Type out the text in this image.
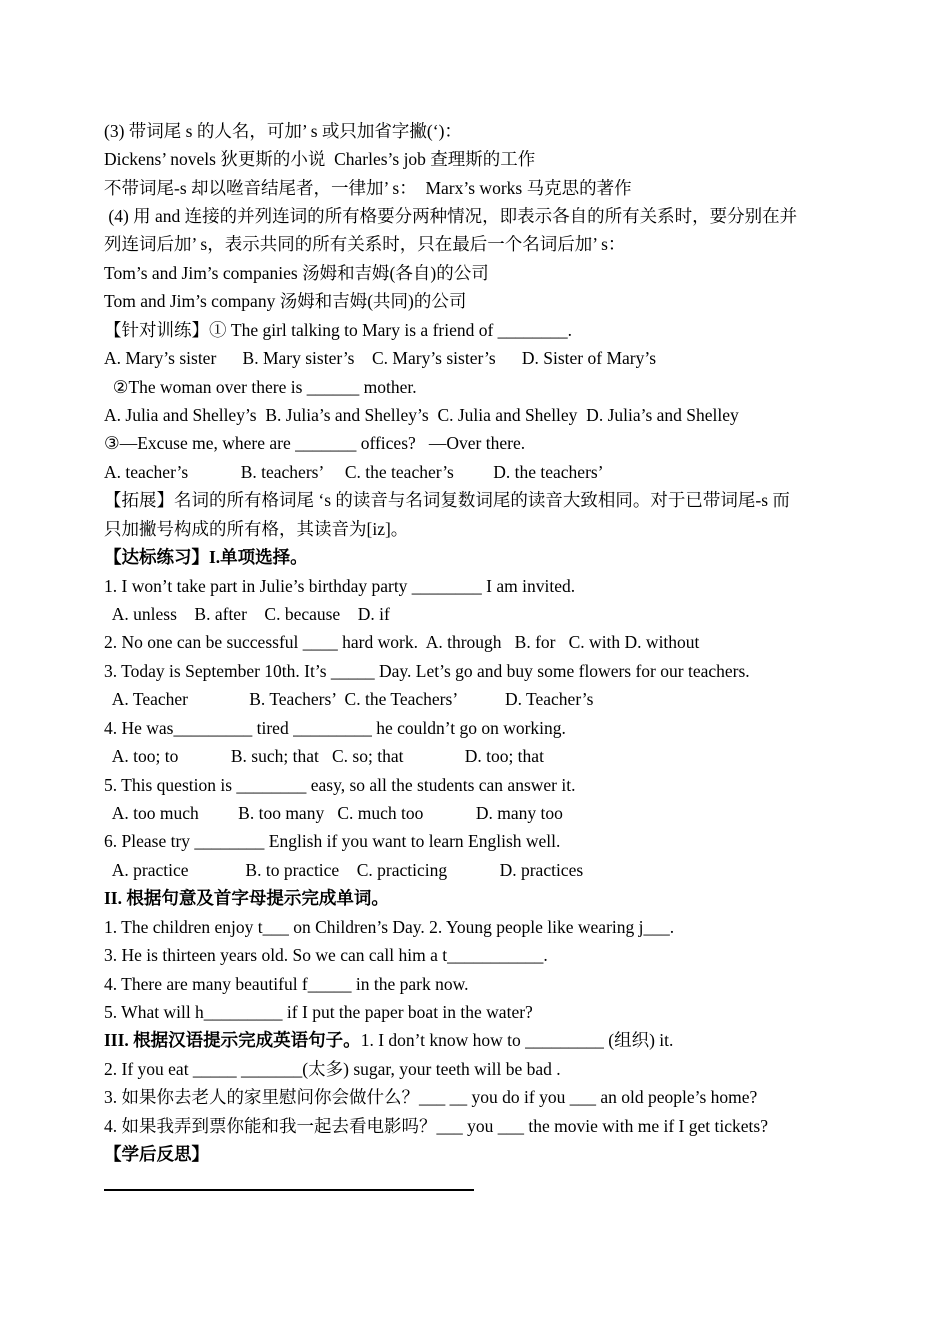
(3) 带词尾 s 的人名，可加’ s 或只加省字撇(‘)：
Dickens’ novels 狄更斯的小说  Charles’s job 查理斯的工作
不带词尾-s 却以咝音结尾者，一律加’ s：  Marx’s works 马克思的著作
(4) 用 and 连接的并列连词的所有格要分两种情况，即表示各自的所有关系时，要分别在并
列连词后加’ s，表示共同的所有关系时，只在最后一个名词后加’ s：
Tom’s and Jim’s companies 汤姆和吉姆(各自)的公司
Tom and Jim’s company 汤姆和吉姆(共同)的公司
【针对训练】① The girl talking to Mary is a friend of ________.
A. Mary’s sister      B. Mary sister’s    C. Mary’s sister’s      D. Sister of Mary’s
②The woman over there is ______ mother.
A. Julia and Shelley’s  B. Julia’s and Shelley’s  C. Julia and Shelley  D. Julia’s and Shelley
③—Excuse me, where are _______ offices?   —Over there.
A. teacher’s            B. teachers’     C. the teacher’s         D. the teachers’
【拓展】名词的所有格词尾 ‘s 的读音与名词复数词尾的读音大致相同。对于已带词尾-s 而
只加撇号构成的所有格，其读音为[iz]。
【达标练习】I.单项选择。
1. I won’t take part in Julie’s birthday party ________ I am invited.
A. unless    B. after    C. because    D. if
2. No one can be successful ____ hard work.  A. through   B. for   C. with D. without
3. Today is September 10th. It’s _____ Day. Let’s go and buy some flowers for our teachers.
A. Teacher              B. Teachers’  C. the Teachers’           D. Teacher’s
4. He was_________ tired _________ he couldn’t go on working.
A. too; to            B. such; that   C. so; that              D. too; that
5. This question is ________ easy, so all the students can answer it.
A. too much         B. too many   C. much too            D. many too
6. Please try ________ English if you want to learn English well.
A. practice             B. to practice    C. practicing            D. practices
II. 根据句意及首字母提示完成单词。
1. The children enjoy t___ on Children’s Day. 2. Young people like wearing j___.
3. He is thirteen years old. So we can call him a t___________.
4. There are many beautiful f_____ in the park now.
5. What will h_________ if I put the paper boat in the water?
III. 根据汉语提示完成英语句子。1. I don’t know how to _________ (组织) it.
2. If you eat _____ _______(太多) sugar, your teeth will be bad .
3. 如果你去老人的家里慰问你会做什么？___ __ you do if you ___ an old people’s home?
4. 如果我弄到票你能和我一起去看电影吗？___ you ___ the movie with me if I get tickets?
【学后反思】
